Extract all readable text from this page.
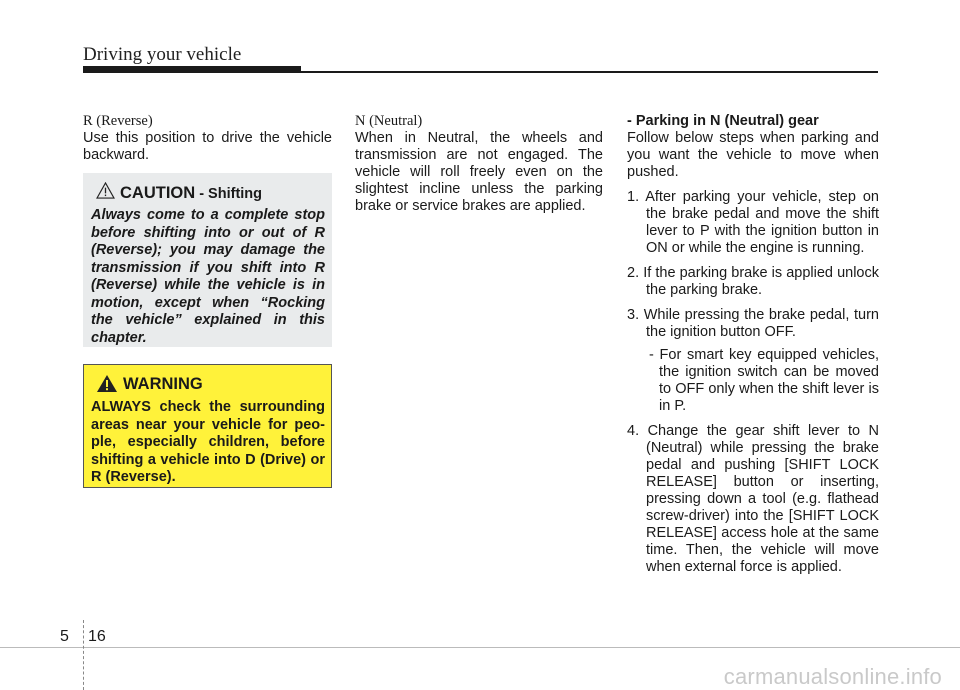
Driving your vehicle

R (Reverse)

Use this position to drive the vehicle backward.

CAUTION - Shifting
Always come to a complete stop before shifting into or out of R (Reverse); you may damage the transmission if you shift into R (Reverse) while the vehicle is in motion, except when “Rocking the vehicle” explained in this chapter.
WARNING
ALWAYS check the surrounding areas near your vehicle for peo- ple, especially children, before shifting a vehicle into D (Drive) or R (Reverse).

N (Neutral)

When in Neutral, the wheels and transmission are not engaged. The vehicle will roll freely even on the slightest incline unless the parking brake or service brakes are applied.

- Parking in N (Neutral) gear

Follow below steps when parking and you want the vehicle to move when pushed.

1. After parking your vehicle, step on the brake pedal and move the shift lever to P with the ignition button in ON or while the engine is running.
2. If the parking brake is applied unlock the parking brake.
3. While pressing the brake pedal, turn the ignition button OFF.
- For smart key equipped vehicles, the ignition switch can be moved to OFF only when the shift lever is in P.
4. Change the gear shift lever to N (Neutral) while pressing the brake pedal and pushing [SHIFT LOCK RELEASE] button or inserting, pressing down a tool (e.g. flathead screw-driver) into the [SHIFT LOCK RELEASE] access hole at the same time. Then, the vehicle will move when external force is applied.
5 16
carmanualsonline.info
